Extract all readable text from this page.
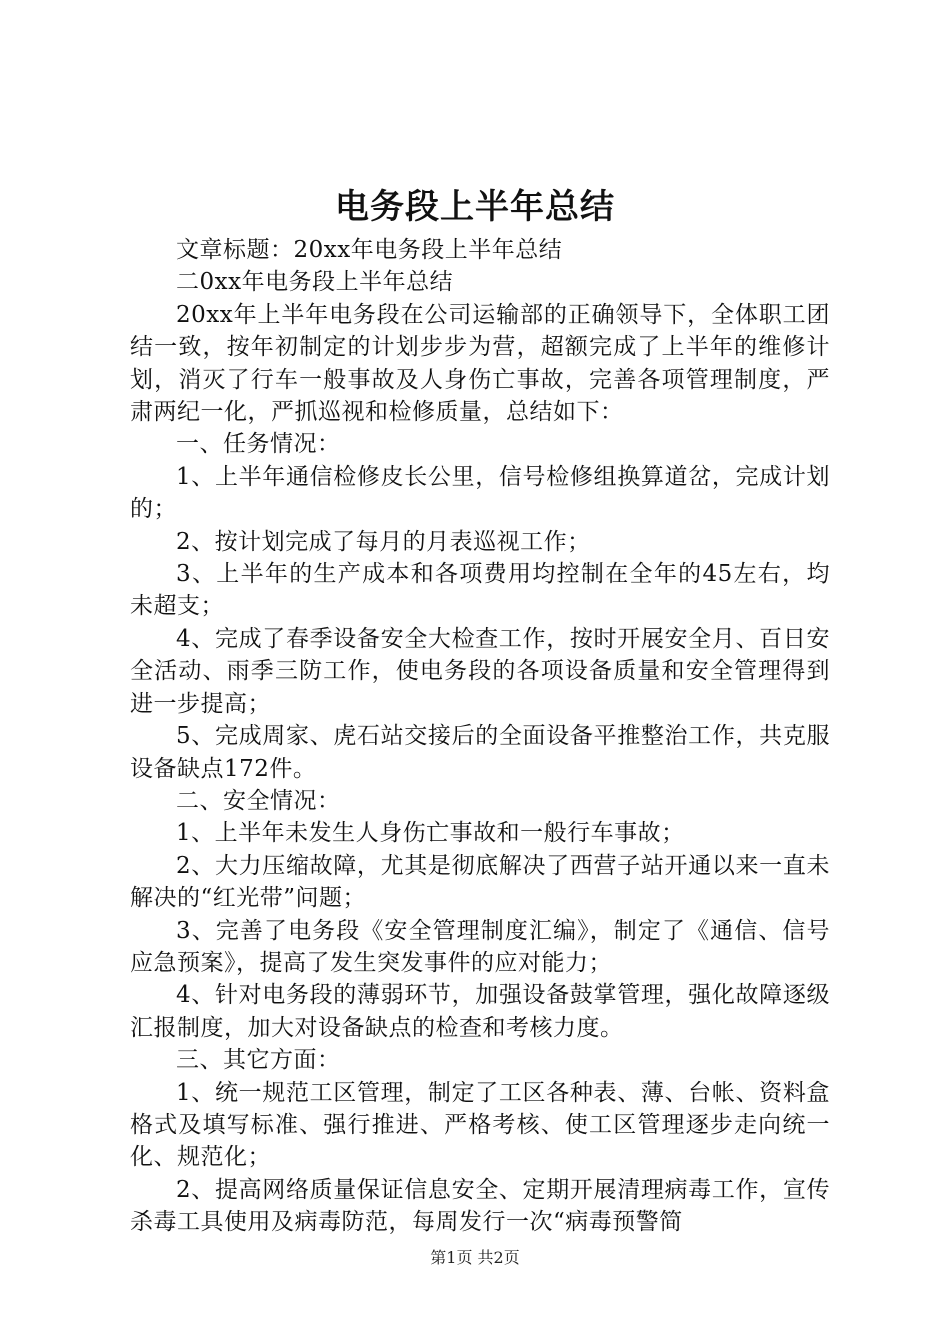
电务段上半年总结

文章标题：20xx年电务段上半年总结

二0xx年电务段上半年总结

20xx年上半年电务段在公司运输部的正确领导下，全体职工团结一致，按年初制定的计划步步为营，超额完成了上半年的维修计划，消灭了行车一般事故及人身伤亡事故，完善各项管理制度，严肃两纪一化，严抓巡视和检修质量，总结如下：

一、任务情况：

1、上半年通信检修皮长公里，信号检修组换算道岔，完成计划的；

2、按计划完成了每月的月表巡视工作；

3、上半年的生产成本和各项费用均控制在全年的45左右，均未超支；

4、完成了春季设备安全大检查工作，按时开展安全月、百日安全活动、雨季三防工作，使电务段的各项设备质量和安全管理得到进一步提高；

5、完成周家、虎石站交接后的全面设备平推整治工作，共克服设备缺点172件。

二、安全情况：

1、上半年未发生人身伤亡事故和一般行车事故；

2、大力压缩故障，尤其是彻底解决了西营子站开通以来一直未解决的“红光带”问题；

3、完善了电务段《安全管理制度汇编》，制定了《通信、信号应急预案》，提高了发生突发事件的应对能力；

4、针对电务段的薄弱环节，加强设备鼓掌管理，强化故障逐级汇报制度，加大对设备缺点的检查和考核力度。

三、其它方面：

1、统一规范工区管理，制定了工区各种表、薄、台帐、资料盒格式及填写标准、强行推进、严格考核、使工区管理逐步走向统一化、规范化；

2、提高网络质量保证信息安全、定期开展清理病毒工作，宣传杀毒工具使用及病毒防范，每周发行一次“病毒预警简

第1页 共2页
